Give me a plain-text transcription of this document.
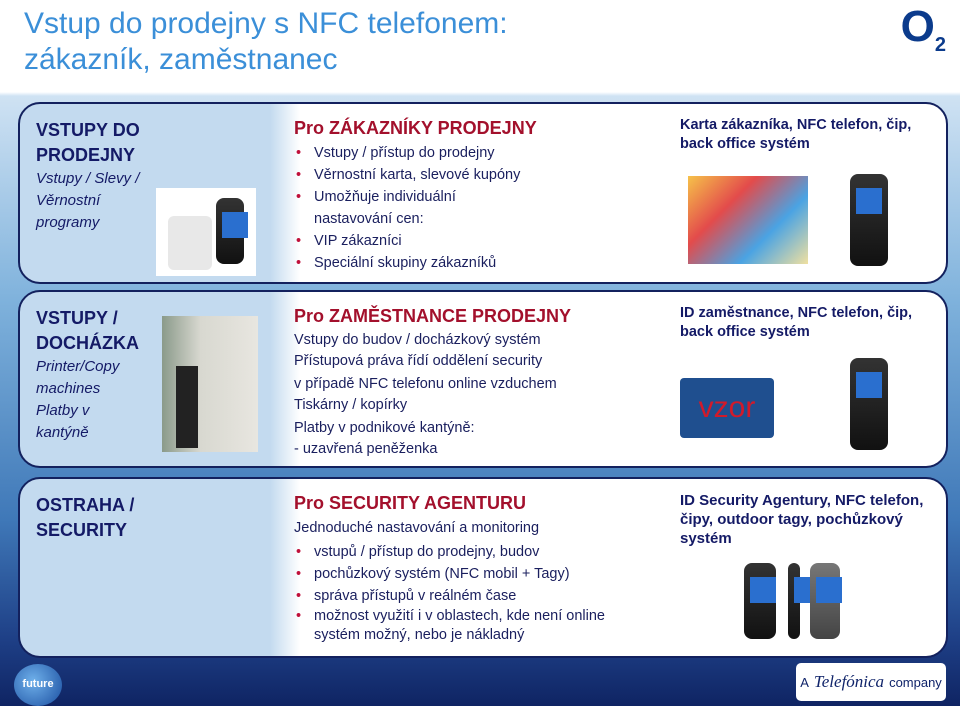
Vstup do prodejny s NFC telefonem:
zákazník, zaměstnanec
$O_2$
VSTUPY DO PRODEJNY
Vstupy / Slevy / Věrnostní programy
Pro ZÁKAZNÍKY PRODEJNY
• Vstupy / přístup do prodejny
• Věrnostní karta, slevové kupóny
• Umožňuje individuální nastavování cen:
• VIP zákazníci
• Speciální skupiny zákazníků
Karta zákazníka, NFC telefon, čip, back office systém
VSTUPY /
DOCHÁZKA
Printer/Copy
machines
Platby v
kantýně
Pro ZAMĚSTNANCE PRODEJNY
Vstupy do budov / docházkový systém
Přístupová práva řídí oddělení security
v případě NFC telefonu online vzduchem
Tiskárny / kopírky
Platby v podnikové kantýně:
- uzavřená peněženka
ID zaměstnance, NFC telefon, čip, back office systém
vzor
OSTRAHA / SECURITY
Pro SECURITY AGENTURU
Jednoduché nastavování a monitoring
• vstupů / přístup do prodejny, budov
• pochůzkový systém (NFC mobil + Tagy)
• správa přístupů v reálném čase
• možnost využití i v oblastech, kde není online systém možný, nebo je nákladný
ID Security Agentury, NFC telefon, čipy, outdoor tagy, pochůzkový systém
future	A Telefónica company
